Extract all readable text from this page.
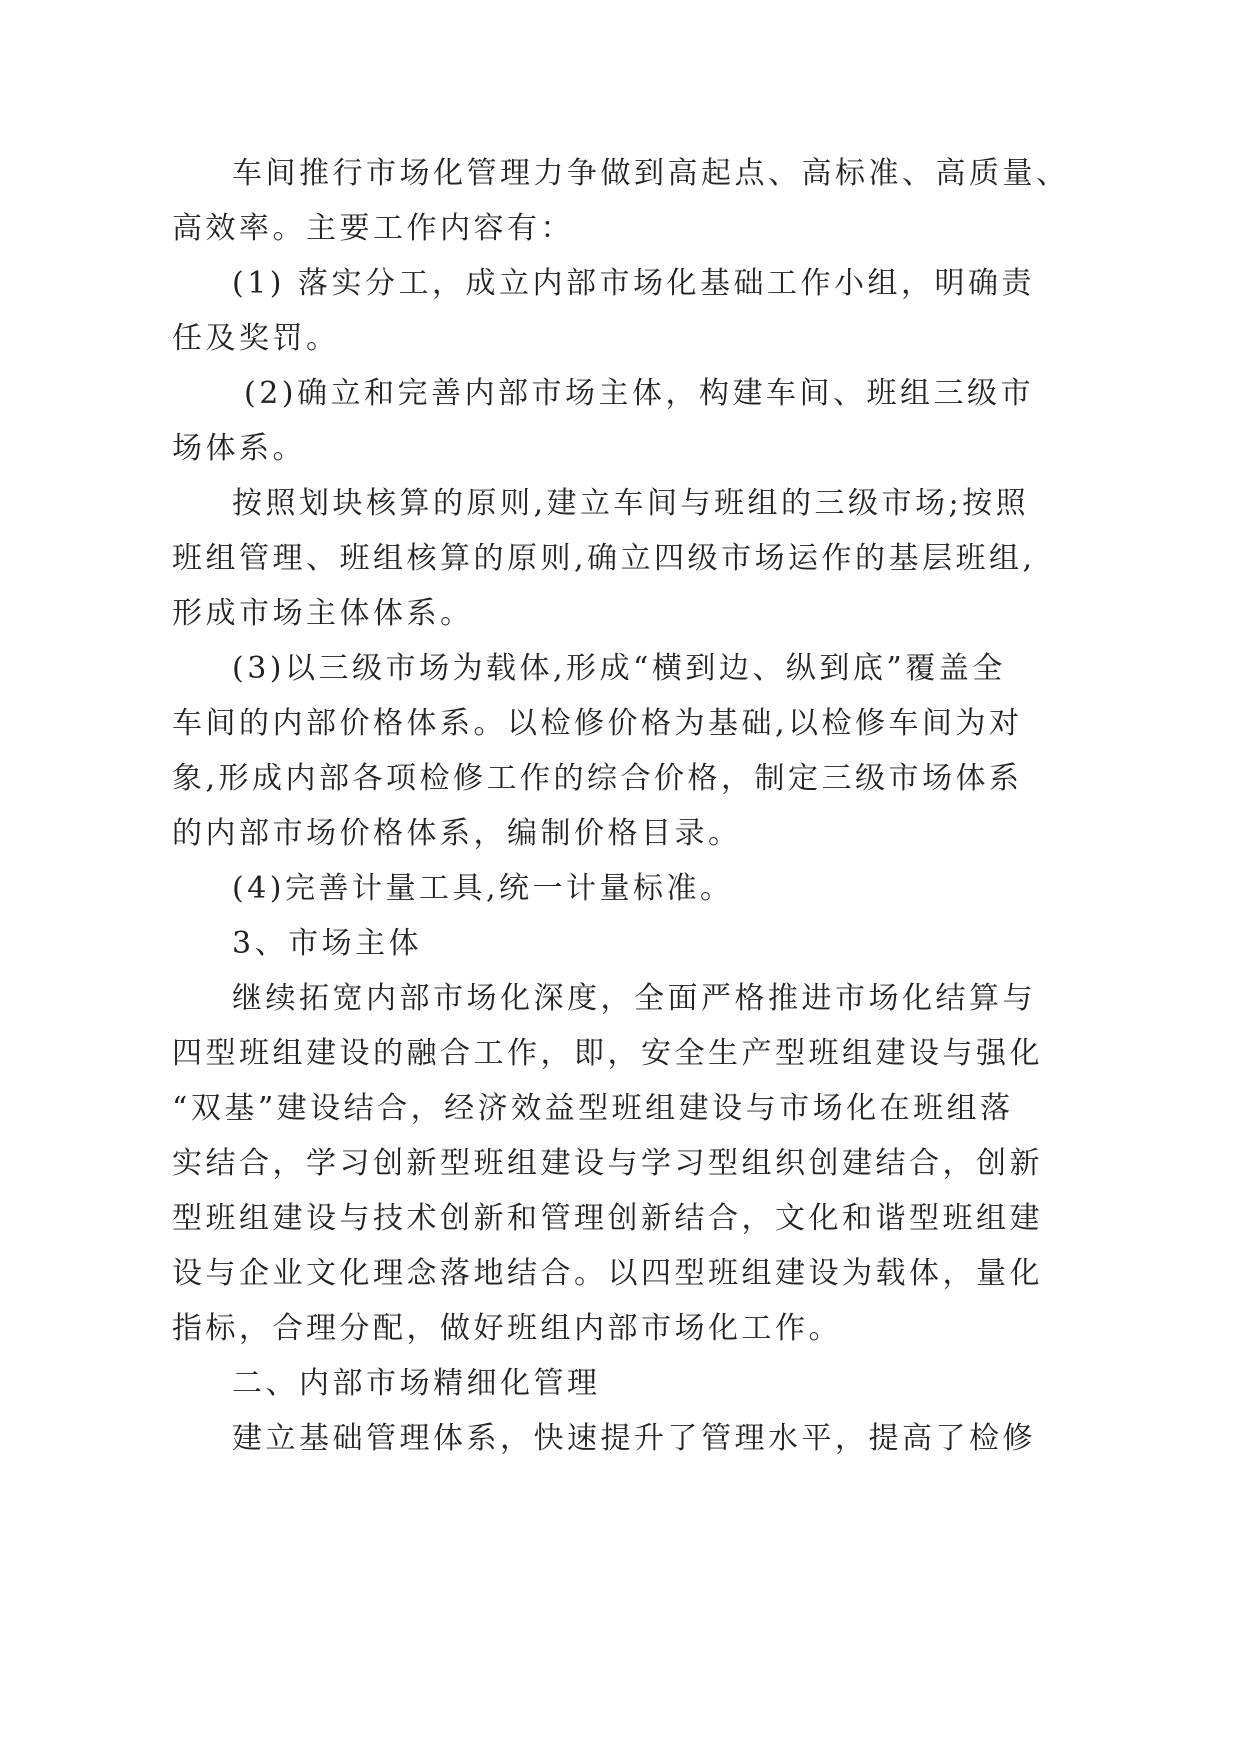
车间推行市场化管理力争做到高起点、高标准、高质量、

高效率。主要工作内容有：

(1) 落实分工，成立内部市场化基础工作小组，明确责

任及奖罚。

(2)确立和完善内部市场主体，构建车间、班组三级市

场体系。

按照划块核算的原则,建立车间与班组的三级市场;按照

班组管理、班组核算的原则,确立四级市场运作的基层班组,

形成市场主体体系。

(3)以三级市场为载体,形成“横到边、纵到底”覆盖全

车间的内部价格体系。以检修价格为基础,以检修车间为对

象,形成内部各项检修工作的综合价格，制定三级市场体系

的内部市场价格体系，编制价格目录。

(4)完善计量工具,统一计量标准。

3、市场主体

继续拓宽内部市场化深度，全面严格推进市场化结算与

四型班组建设的融合工作，即，安全生产型班组建设与强化

“双基”建设结合，经济效益型班组建设与市场化在班组落

实结合，学习创新型班组建设与学习型组织创建结合，创新

型班组建设与技术创新和管理创新结合，文化和谐型班组建

设与企业文化理念落地结合。以四型班组建设为载体，量化

指标，合理分配，做好班组内部市场化工作。

二、内部市场精细化管理

建立基础管理体系，快速提升了管理水平，提高了检修
